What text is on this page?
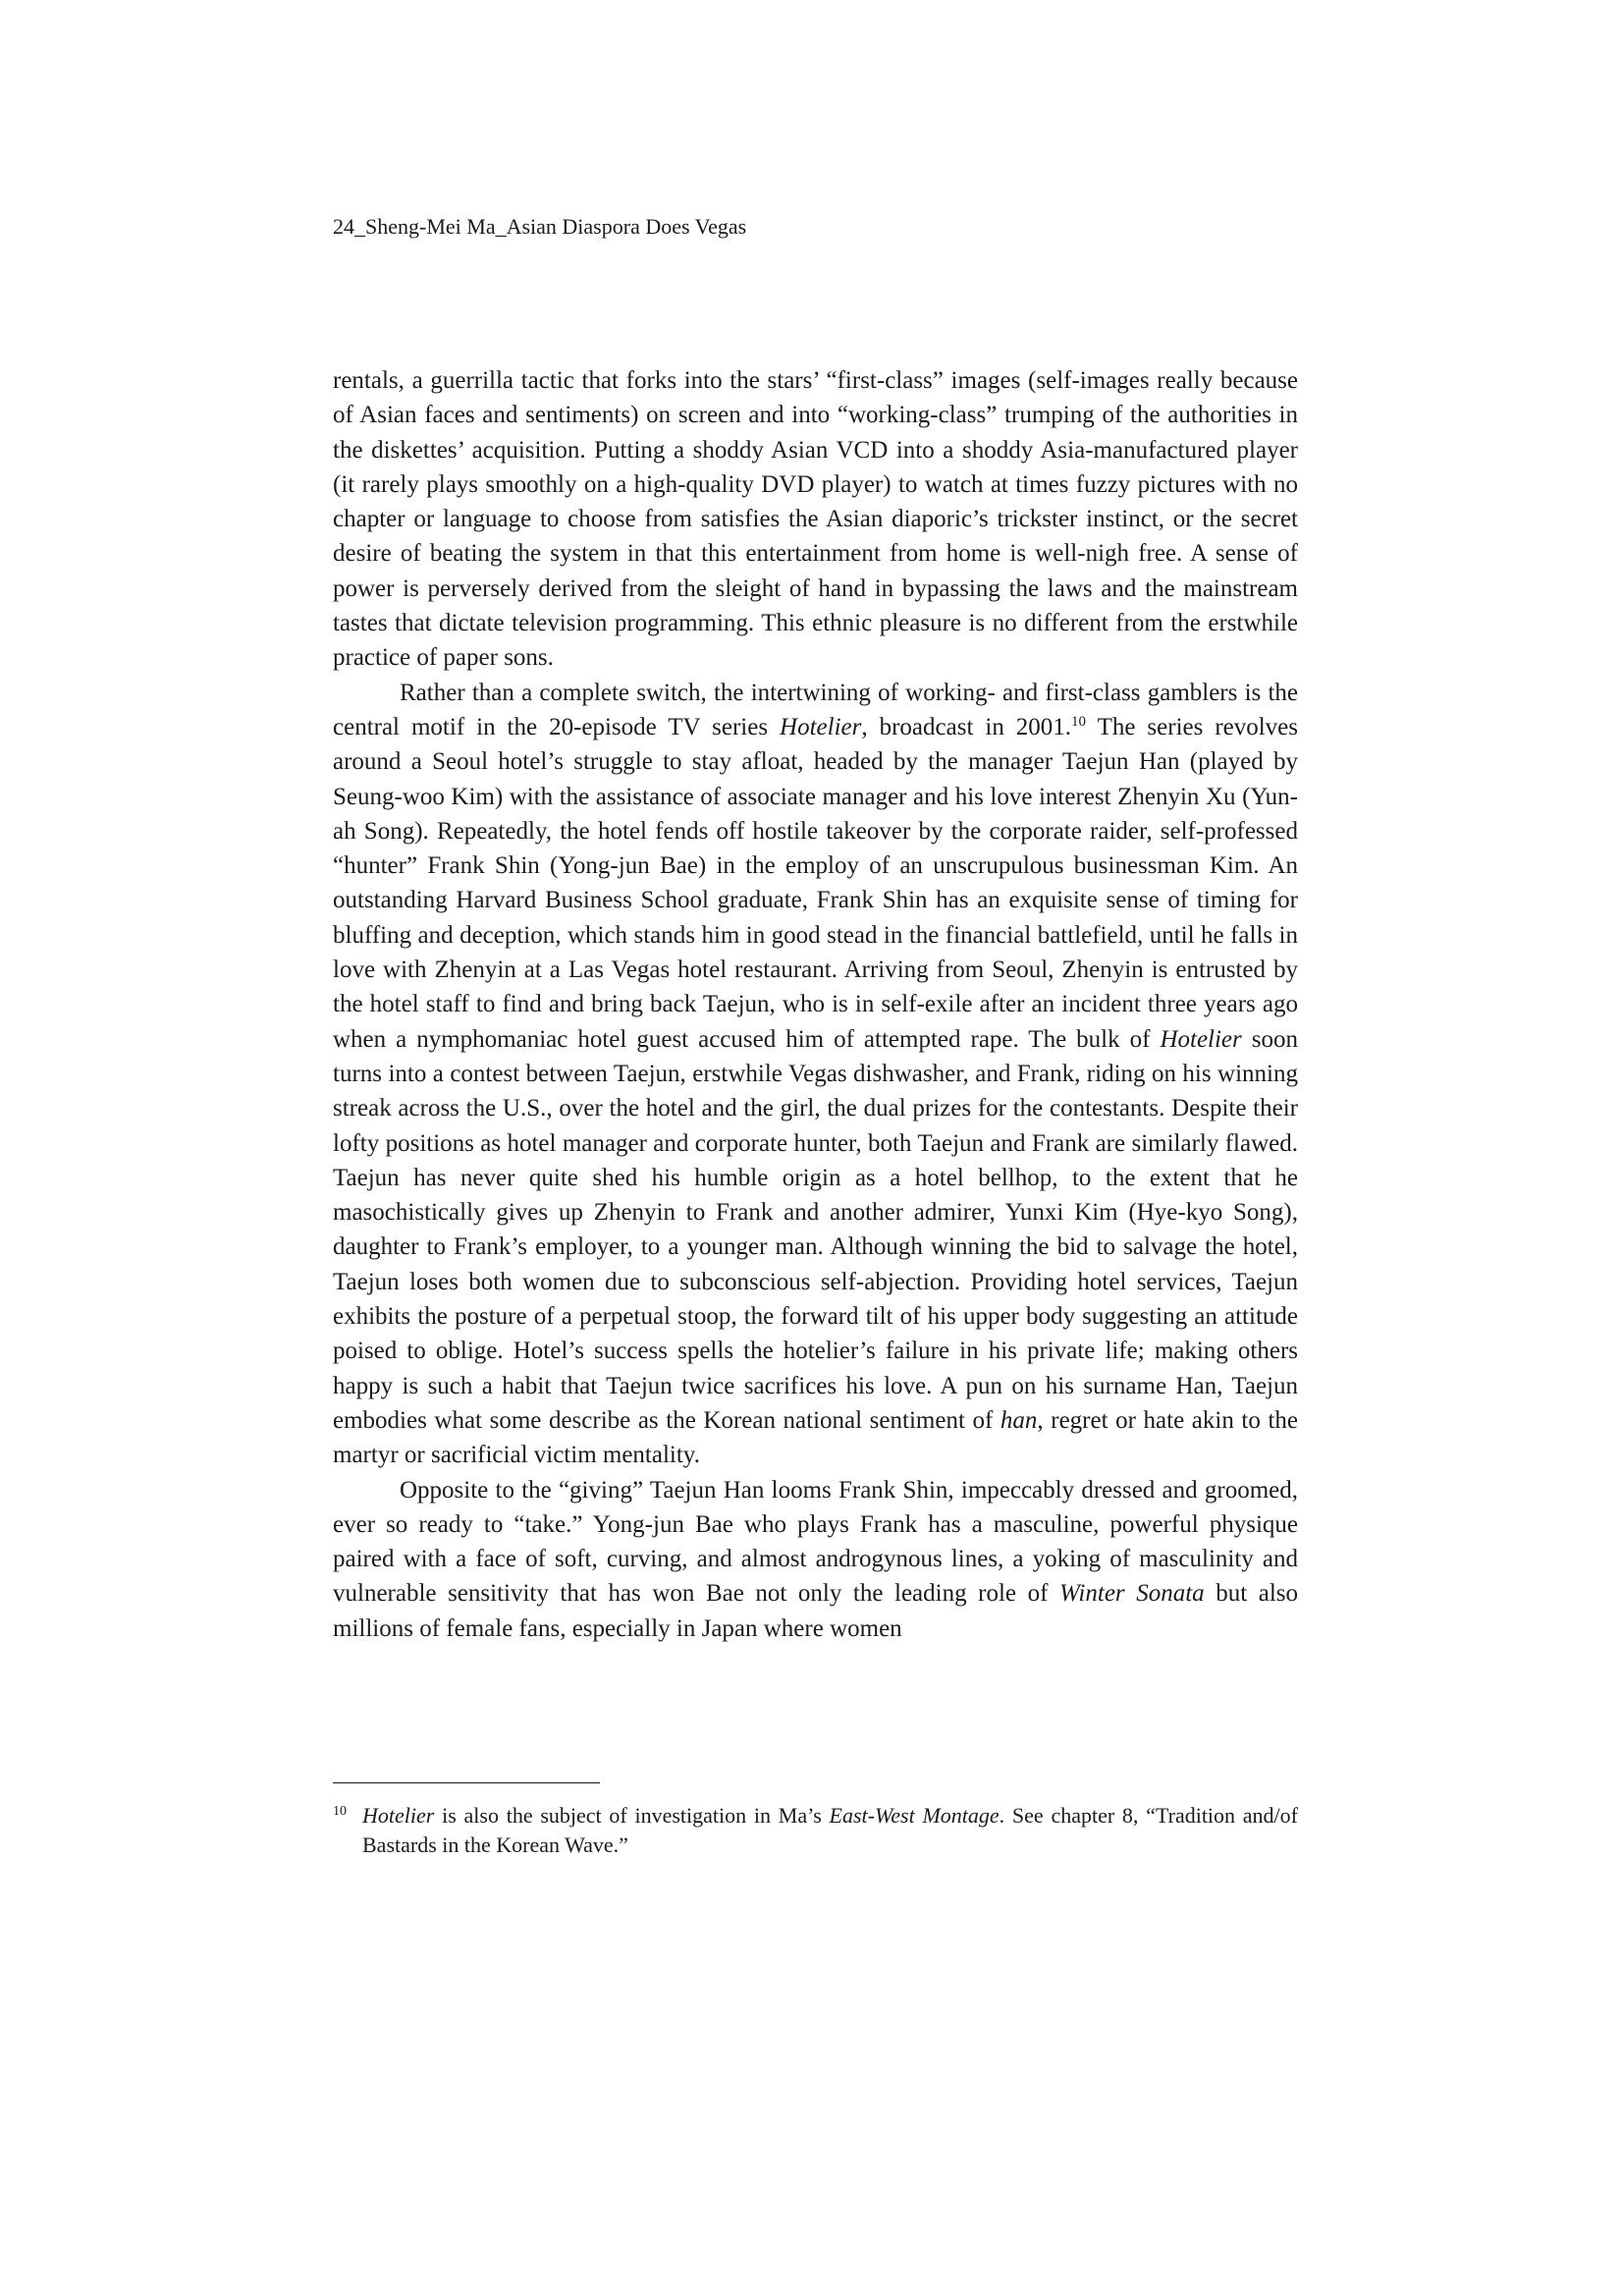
24_Sheng-Mei Ma_Asian Diaspora Does Vegas

rentals, a guerrilla tactic that forks into the stars’ “first-class” images (self-images really because of Asian faces and sentiments) on screen and into “working-class” trumping of the authorities in the diskettes’ acquisition. Putting a shoddy Asian VCD into a shoddy Asia-manufactured player (it rarely plays smoothly on a high-quality DVD player) to watch at times fuzzy pictures with no chapter or language to choose from satisfies the Asian diaporic’s trickster instinct, or the secret desire of beating the system in that this entertainment from home is well-nigh free. A sense of power is perversely derived from the sleight of hand in bypassing the laws and the mainstream tastes that dictate television programming. This ethnic pleasure is no different from the erstwhile practice of paper sons.

Rather than a complete switch, the intertwining of working- and first-class gamblers is the central motif in the 20-episode TV series Hotelier, broadcast in 2001.10 The series revolves around a Seoul hotel’s struggle to stay afloat, headed by the manager Taejun Han (played by Seung-woo Kim) with the assistance of associate manager and his love interest Zhenyin Xu (Yun-ah Song). Repeatedly, the hotel fends off hostile takeover by the corporate raider, self-professed “hunter” Frank Shin (Yong-jun Bae) in the employ of an unscrupulous businessman Kim. An outstanding Harvard Business School graduate, Frank Shin has an exquisite sense of timing for bluffing and deception, which stands him in good stead in the financial battlefield, until he falls in love with Zhenyin at a Las Vegas hotel restaurant. Arriving from Seoul, Zhenyin is entrusted by the hotel staff to find and bring back Taejun, who is in self-exile after an incident three years ago when a nymphomaniac hotel guest accused him of attempted rape. The bulk of Hotelier soon turns into a contest between Taejun, erstwhile Vegas dishwasher, and Frank, riding on his winning streak across the U.S., over the hotel and the girl, the dual prizes for the contestants. Despite their lofty positions as hotel manager and corporate hunter, both Taejun and Frank are similarly flawed. Taejun has never quite shed his humble origin as a hotel bellhop, to the extent that he masochistically gives up Zhenyin to Frank and another admirer, Yunxi Kim (Hye-kyo Song), daughter to Frank’s employer, to a younger man. Although winning the bid to salvage the hotel, Taejun loses both women due to subconscious self-abjection. Providing hotel services, Taejun exhibits the posture of a perpetual stoop, the forward tilt of his upper body suggesting an attitude poised to oblige. Hotel’s success spells the hotelier’s failure in his private life; making others happy is such a habit that Taejun twice sacrifices his love. A pun on his surname Han, Taejun embodies what some describe as the Korean national sentiment of han, regret or hate akin to the martyr or sacrificial victim mentality.

Opposite to the “giving” Taejun Han looms Frank Shin, impeccably dressed and groomed, ever so ready to “take.” Yong-jun Bae who plays Frank has a masculine, powerful physique paired with a face of soft, curving, and almost androgynous lines, a yoking of masculinity and vulnerable sensitivity that has won Bae not only the leading role of Winter Sonata but also millions of female fans, especially in Japan where women

10 Hotelier is also the subject of investigation in Ma’s East-West Montage. See chapter 8, “Tradition and/of Bastards in the Korean Wave.”
